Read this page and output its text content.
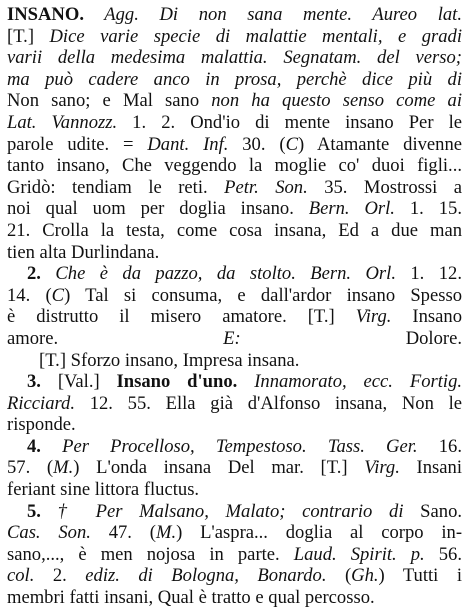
INSANO. Agg. Di non sana mente. Aureo lat.
[T.] Dice varie specie di malattie mentali, e gradi
varii della medesima malattia. Segnatam. del verso;
ma può cadere anco in prosa, perchè dice più di
Non sano; e Mal sano non ha questo senso come ai
Lat. Vannozz. 1. 2. Ond'io di mente insano Per le
parole udite. = Dant. Inf. 30. (C) Atamante divenne
tanto insano, Che veggendo la moglie co' duoi figli...
Gridò: tendiam le reti. Petr. Son. 35. Mostrossi a
noi qual uom per doglia insano. Bern. Orl. 1. 15.
21. Crolla la testa, come cosa insana, Ed a due man
tien alta Durlindana.
2. Che è da pazzo, da stolto. Bern. Orl. 1. 12.
14. (C) Tal si consuma, e dall'ardor insano Spesso
è distrutto il misero amatore. [T.] Virg. Insano
amore. E: Dolore.
[T.] Sforzo insano, Impresa insana.
3. [Val.] Insano d'uno. Innamorato, ecc. Fortig.
Ricciard. 12. 55. Ella già d'Alfonso insana, Non le
risponde.
4. Per Procelloso, Tempestoso. Tass. Ger. 16.
57. (M.) L'onda insana Del mar. [T.] Virg. Insani
feriant sine littora fluctus.
5. † Per Malsano, Malato; contrario di Sano.
Cas. Son. 47. (M.) L'aspra... doglia al corpo in-
sano,..., è men nojosa in parte. Laud. Spirit. p. 56.
col. 2. ediz. di Bologna, Bonardo. (Gh.) Tutti i
membri fatti insani, Qual è tratto e qual percosso.
